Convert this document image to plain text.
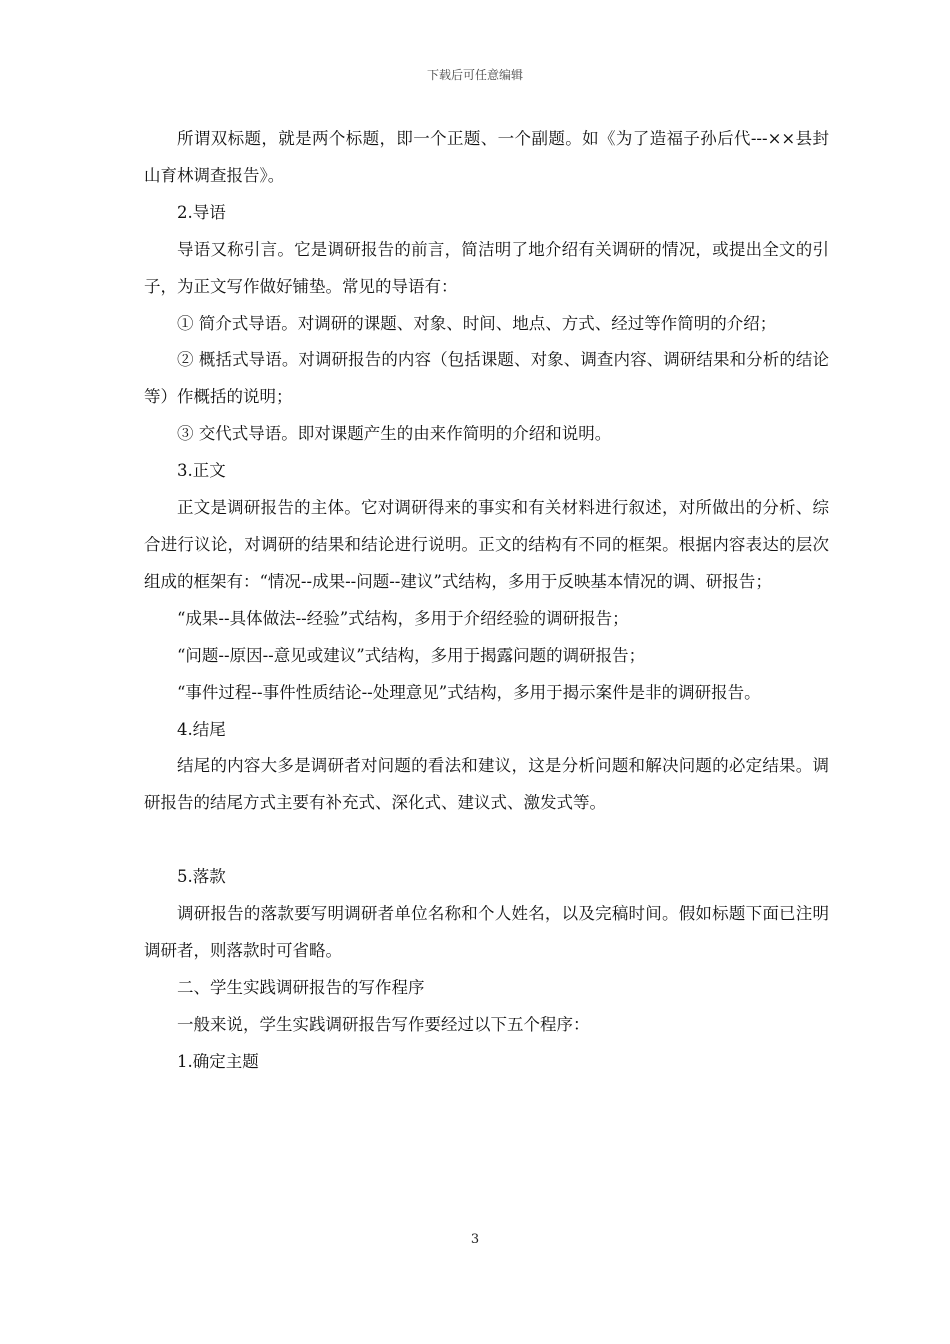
下载后可任意编辑

所谓双标题，就是两个标题，即一个正题、一个副题。如《为了造福子孙后代---××县封山育林调查报告》。

2.导语

导语又称引言。它是调研报告的前言，简洁明了地介绍有关调研的情况，或提出全文的引子，为正文写作做好铺垫。常见的导语有：

① 简介式导语。对调研的课题、对象、时间、地点、方式、经过等作简明的介绍；

② 概括式导语。对调研报告的内容（包括课题、对象、调查内容、调研结果和分析的结论等）作概括的说明；

③ 交代式导语。即对课题产生的由来作简明的介绍和说明。

3.正文

正文是调研报告的主体。它对调研得来的事实和有关材料进行叙述，对所做出的分析、综合进行议论，对调研的结果和结论进行说明。正文的结构有不同的框架。根据内容表达的层次组成的框架有：“情况--成果--问题--建议”式结构，多用于反映基本情况的调、研报告；

“成果--具体做法--经验”式结构，多用于介绍经验的调研报告；

“问题--原因--意见或建议”式结构，多用于揭露问题的调研报告；

“事件过程--事件性质结论--处理意见”式结构，多用于揭示案件是非的调研报告。

4.结尾

结尾的内容大多是调研者对问题的看法和建议，这是分析问题和解决问题的必定结果。调研报告的结尾方式主要有补充式、深化式、建议式、激发式等。

5.落款

调研报告的落款要写明调研者单位名称和个人姓名，以及完稿时间。假如标题下面已注明调研者，则落款时可省略。

二、学生实践调研报告的写作程序

一般来说，学生实践调研报告写作要经过以下五个程序：

1.确定主题

3
